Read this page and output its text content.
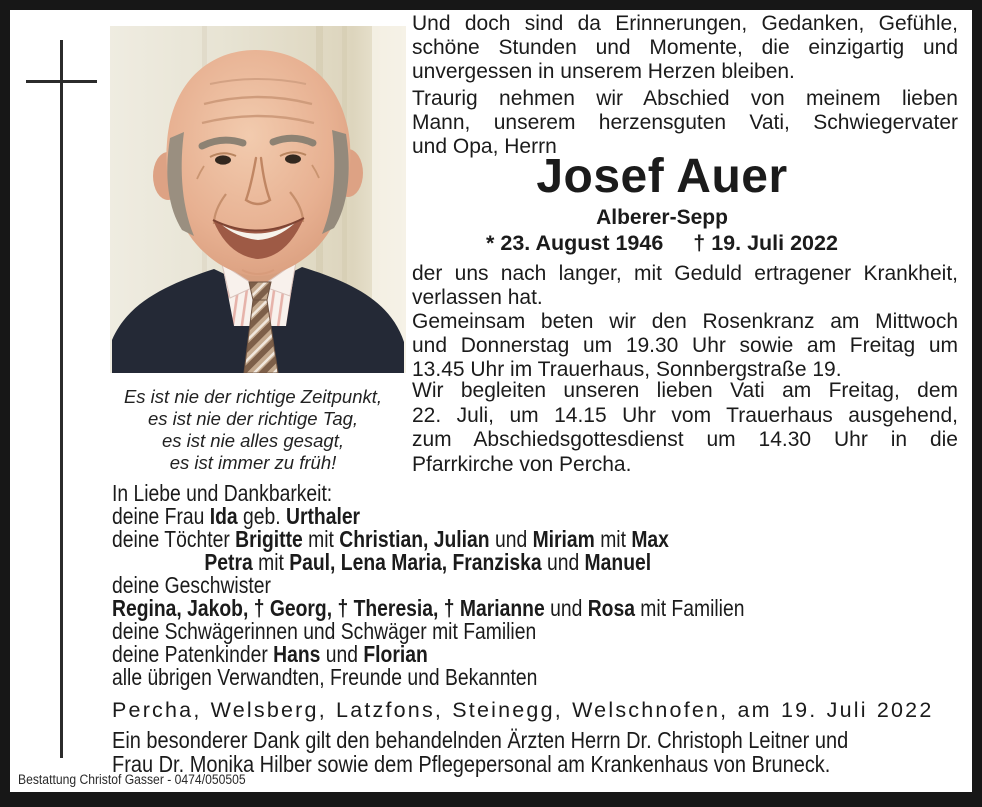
Und doch sind da Erinnerungen, Gedanken, Gefühle,
schöne Stunden und Momente, die einzigartig und
unvergessen in unserem Herzen bleiben.
Traurig nehmen wir Abschied von meinem lieben
Mann, unserem herzensguten Vati, Schwiegervater
und Opa, Herrn
Josef Auer
Alberer-Sepp
* 23. August 1946 † 19. Juli 2022
der uns nach langer, mit Geduld ertragener Krankheit,
verlassen hat.
Gemeinsam beten wir den Rosenkranz am Mittwoch
und Donnerstag um 19.30 Uhr sowie am Freitag um
13.45 Uhr im Trauerhaus, Sonnbergstraße 19.
Wir begleiten unseren lieben Vati am Freitag, dem
22. Juli, um 14.15 Uhr vom Trauerhaus ausgehend,
zum Abschiedsgottesdienst um 14.30 Uhr in die
Pfarrkirche von Percha.
Es ist nie der richtige Zeitpunkt,
es ist nie der richtige Tag,
es ist nie alles gesagt,
es ist immer zu früh!
In Liebe und Dankbarkeit:
deine Frau Ida geb. Urthaler
deine Töchter Brigitte mit Christian, Julian und Miriam mit Max
Petra mit Paul, Lena Maria, Franziska und Manuel
deine Geschwister
Regina, Jakob, † Georg, † Theresia, † Marianne und Rosa mit Familien
deine Schwägerinnen und Schwäger mit Familien
deine Patenkinder Hans und Florian
alle übrigen Verwandten, Freunde und Bekannten
Percha, Welsberg, Latzfons, Steinegg, Welschnofen, am 19. Juli 2022
Ein besonderer Dank gilt den behandelnden Ärzten Herrn Dr. Christoph Leitner und
Frau Dr. Monika Hilber sowie dem Pflegepersonal am Krankenhaus von Bruneck.
Bestattung Christof Gasser - 0474/050505
